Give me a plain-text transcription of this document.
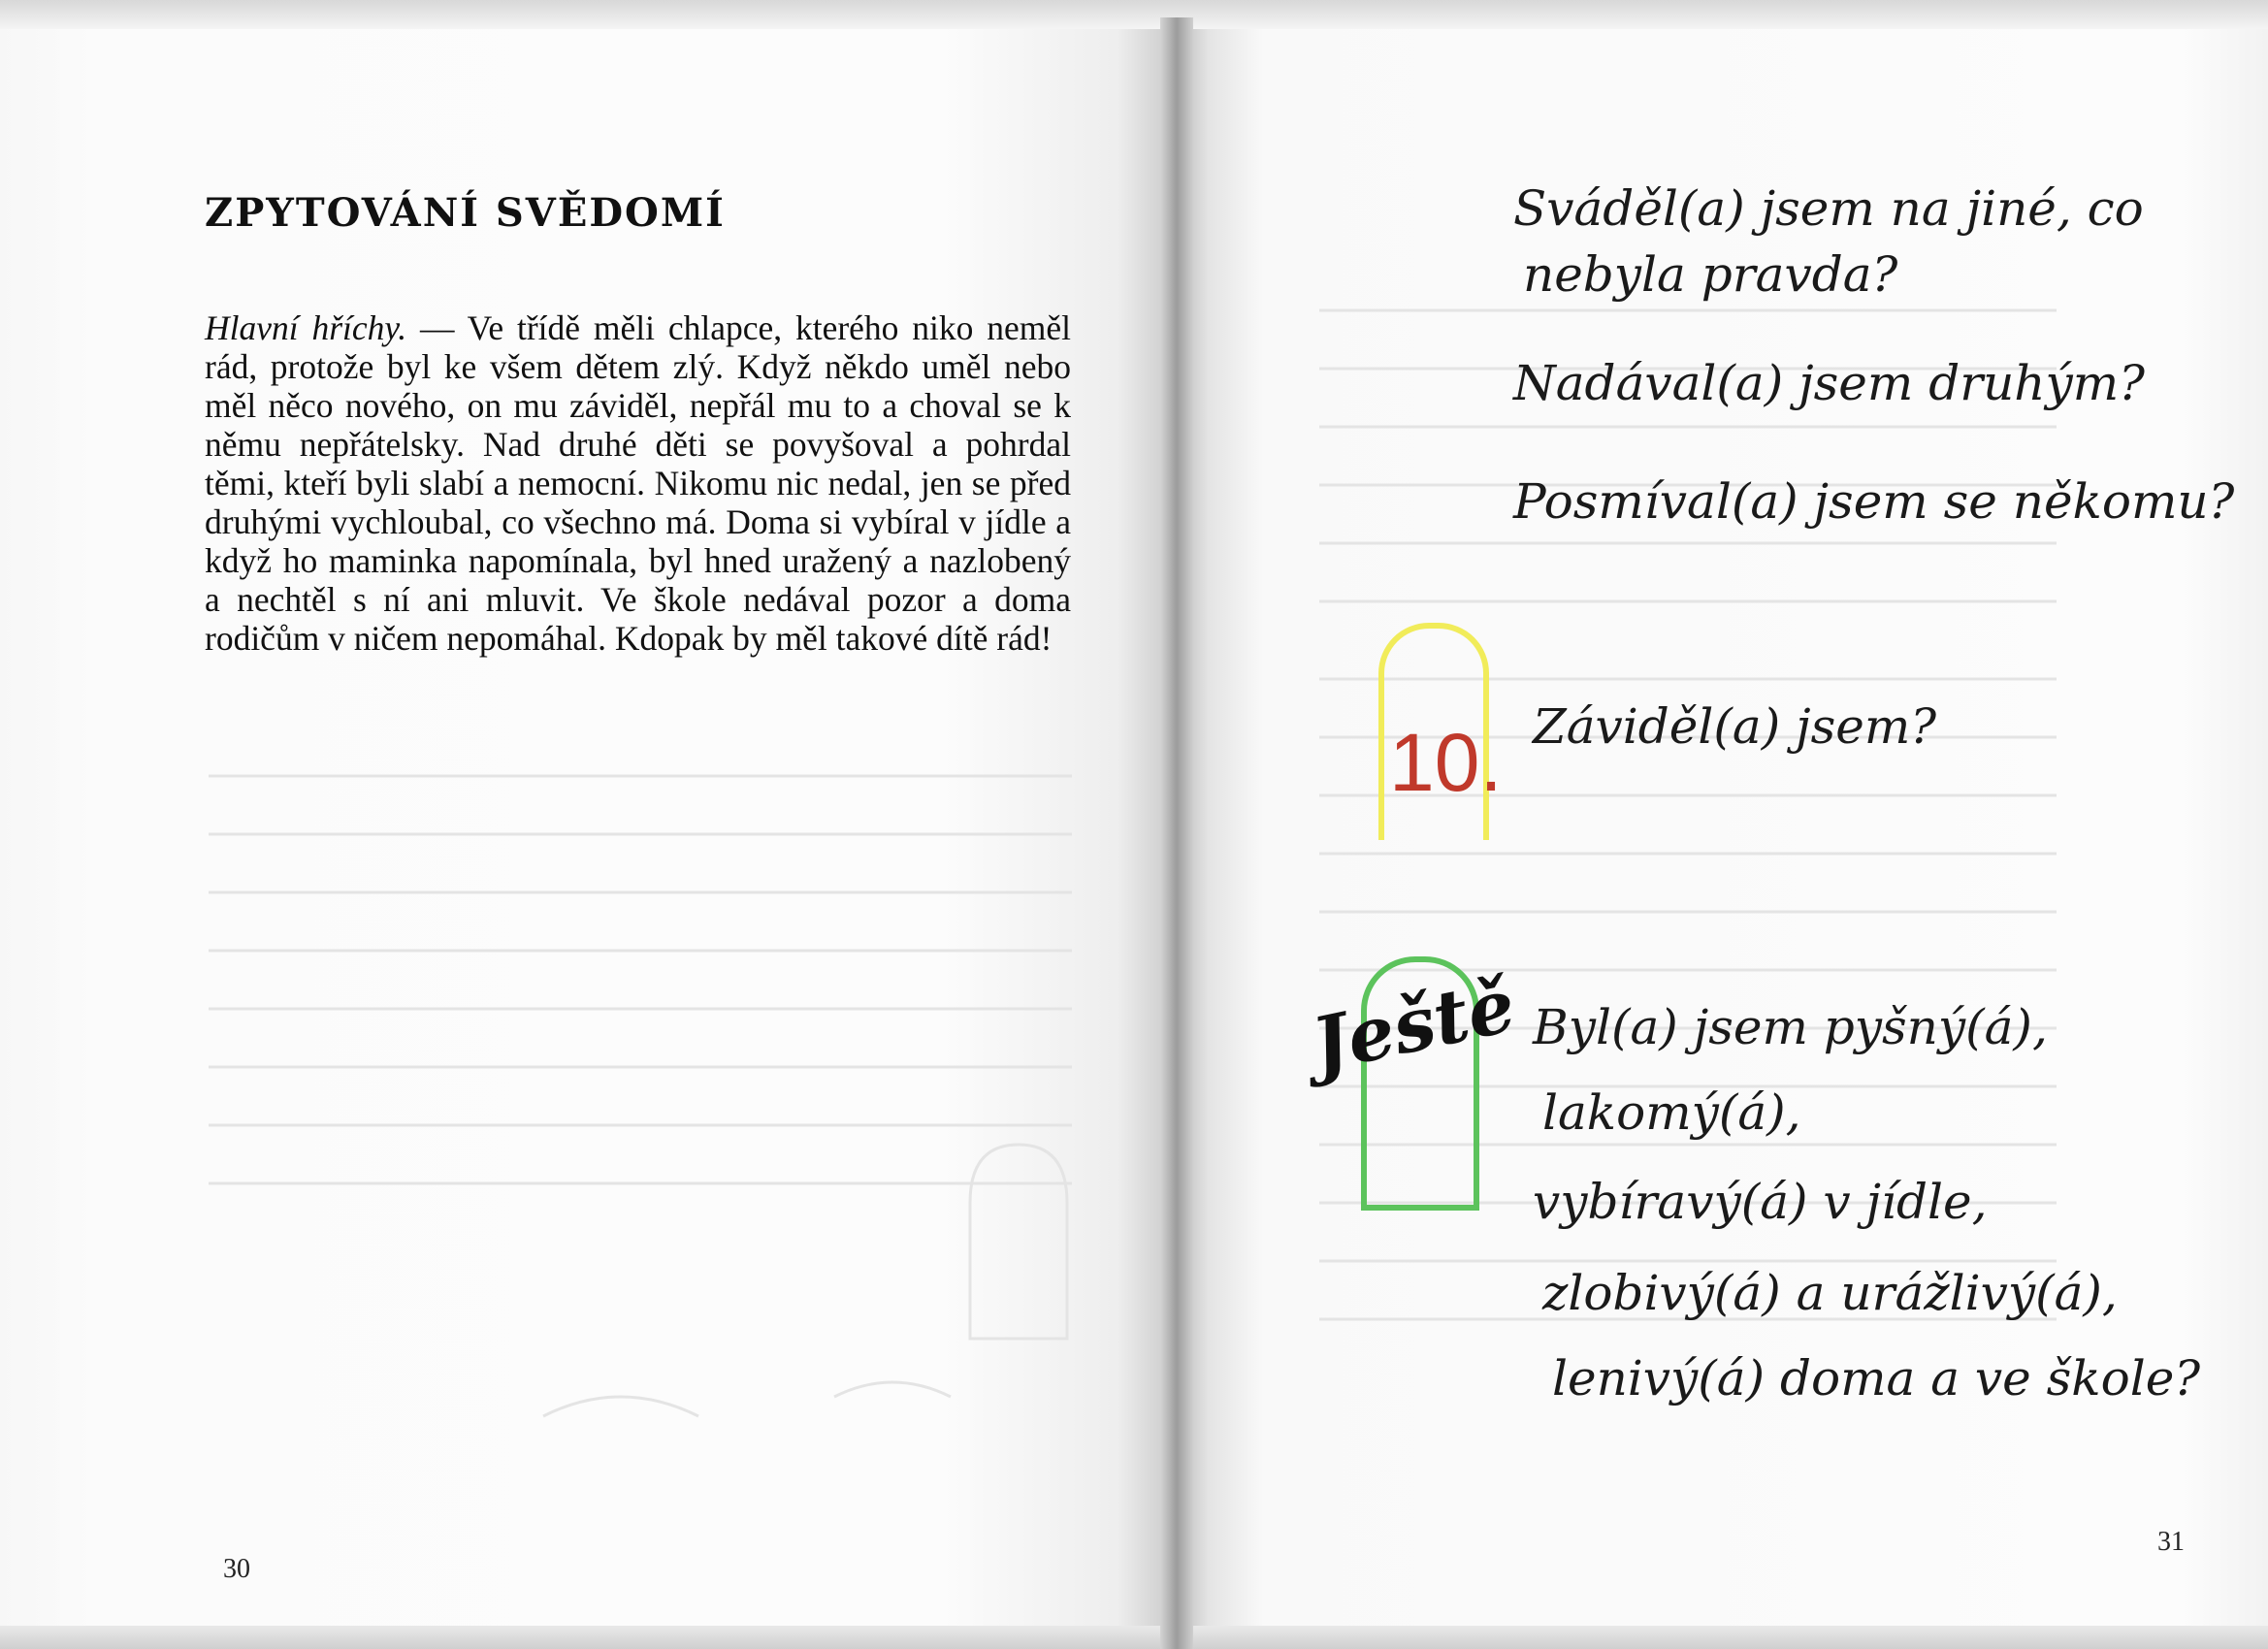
ZPYTOVÁNÍ SVĚDOMÍ
Hlavní hříchy. — Ve třídě měli chlapce, kterého niko neměl rád, protože byl ke všem dětem zlý. Když někdo uměl nebo měl něco nového, on mu záviděl, nepřál mu to a choval se k němu nepřátelsky. Nad druhé děti se povyšoval a pohrdal těmi, kteří byli slabí a nemocní. Nikomu nic nedal, jen se před druhými vychloubal, co všechno má. Doma si vybíral v jídle a když ho maminka napomínala, byl hned uražený a nazlobený a nechtěl s ní ani mluvit. Ve škole nedával pozor a doma rodičům v ničem nepomáhal. Kdopak by měl takové dítě rád!
30
10.
Ještě
Sváděl(a) jsem na jiné, co
nebyla pravda?
Nadával(a) jsem druhým?
Posmíval(a) jsem se někomu?
Záviděl(a) jsem?
Byl(a) jsem pyšný(á),
lakomý(á),
vybíravý(á) v jídle,
zlobivý(á) a urážlivý(á),
lenivý(á) doma a ve škole?
31
